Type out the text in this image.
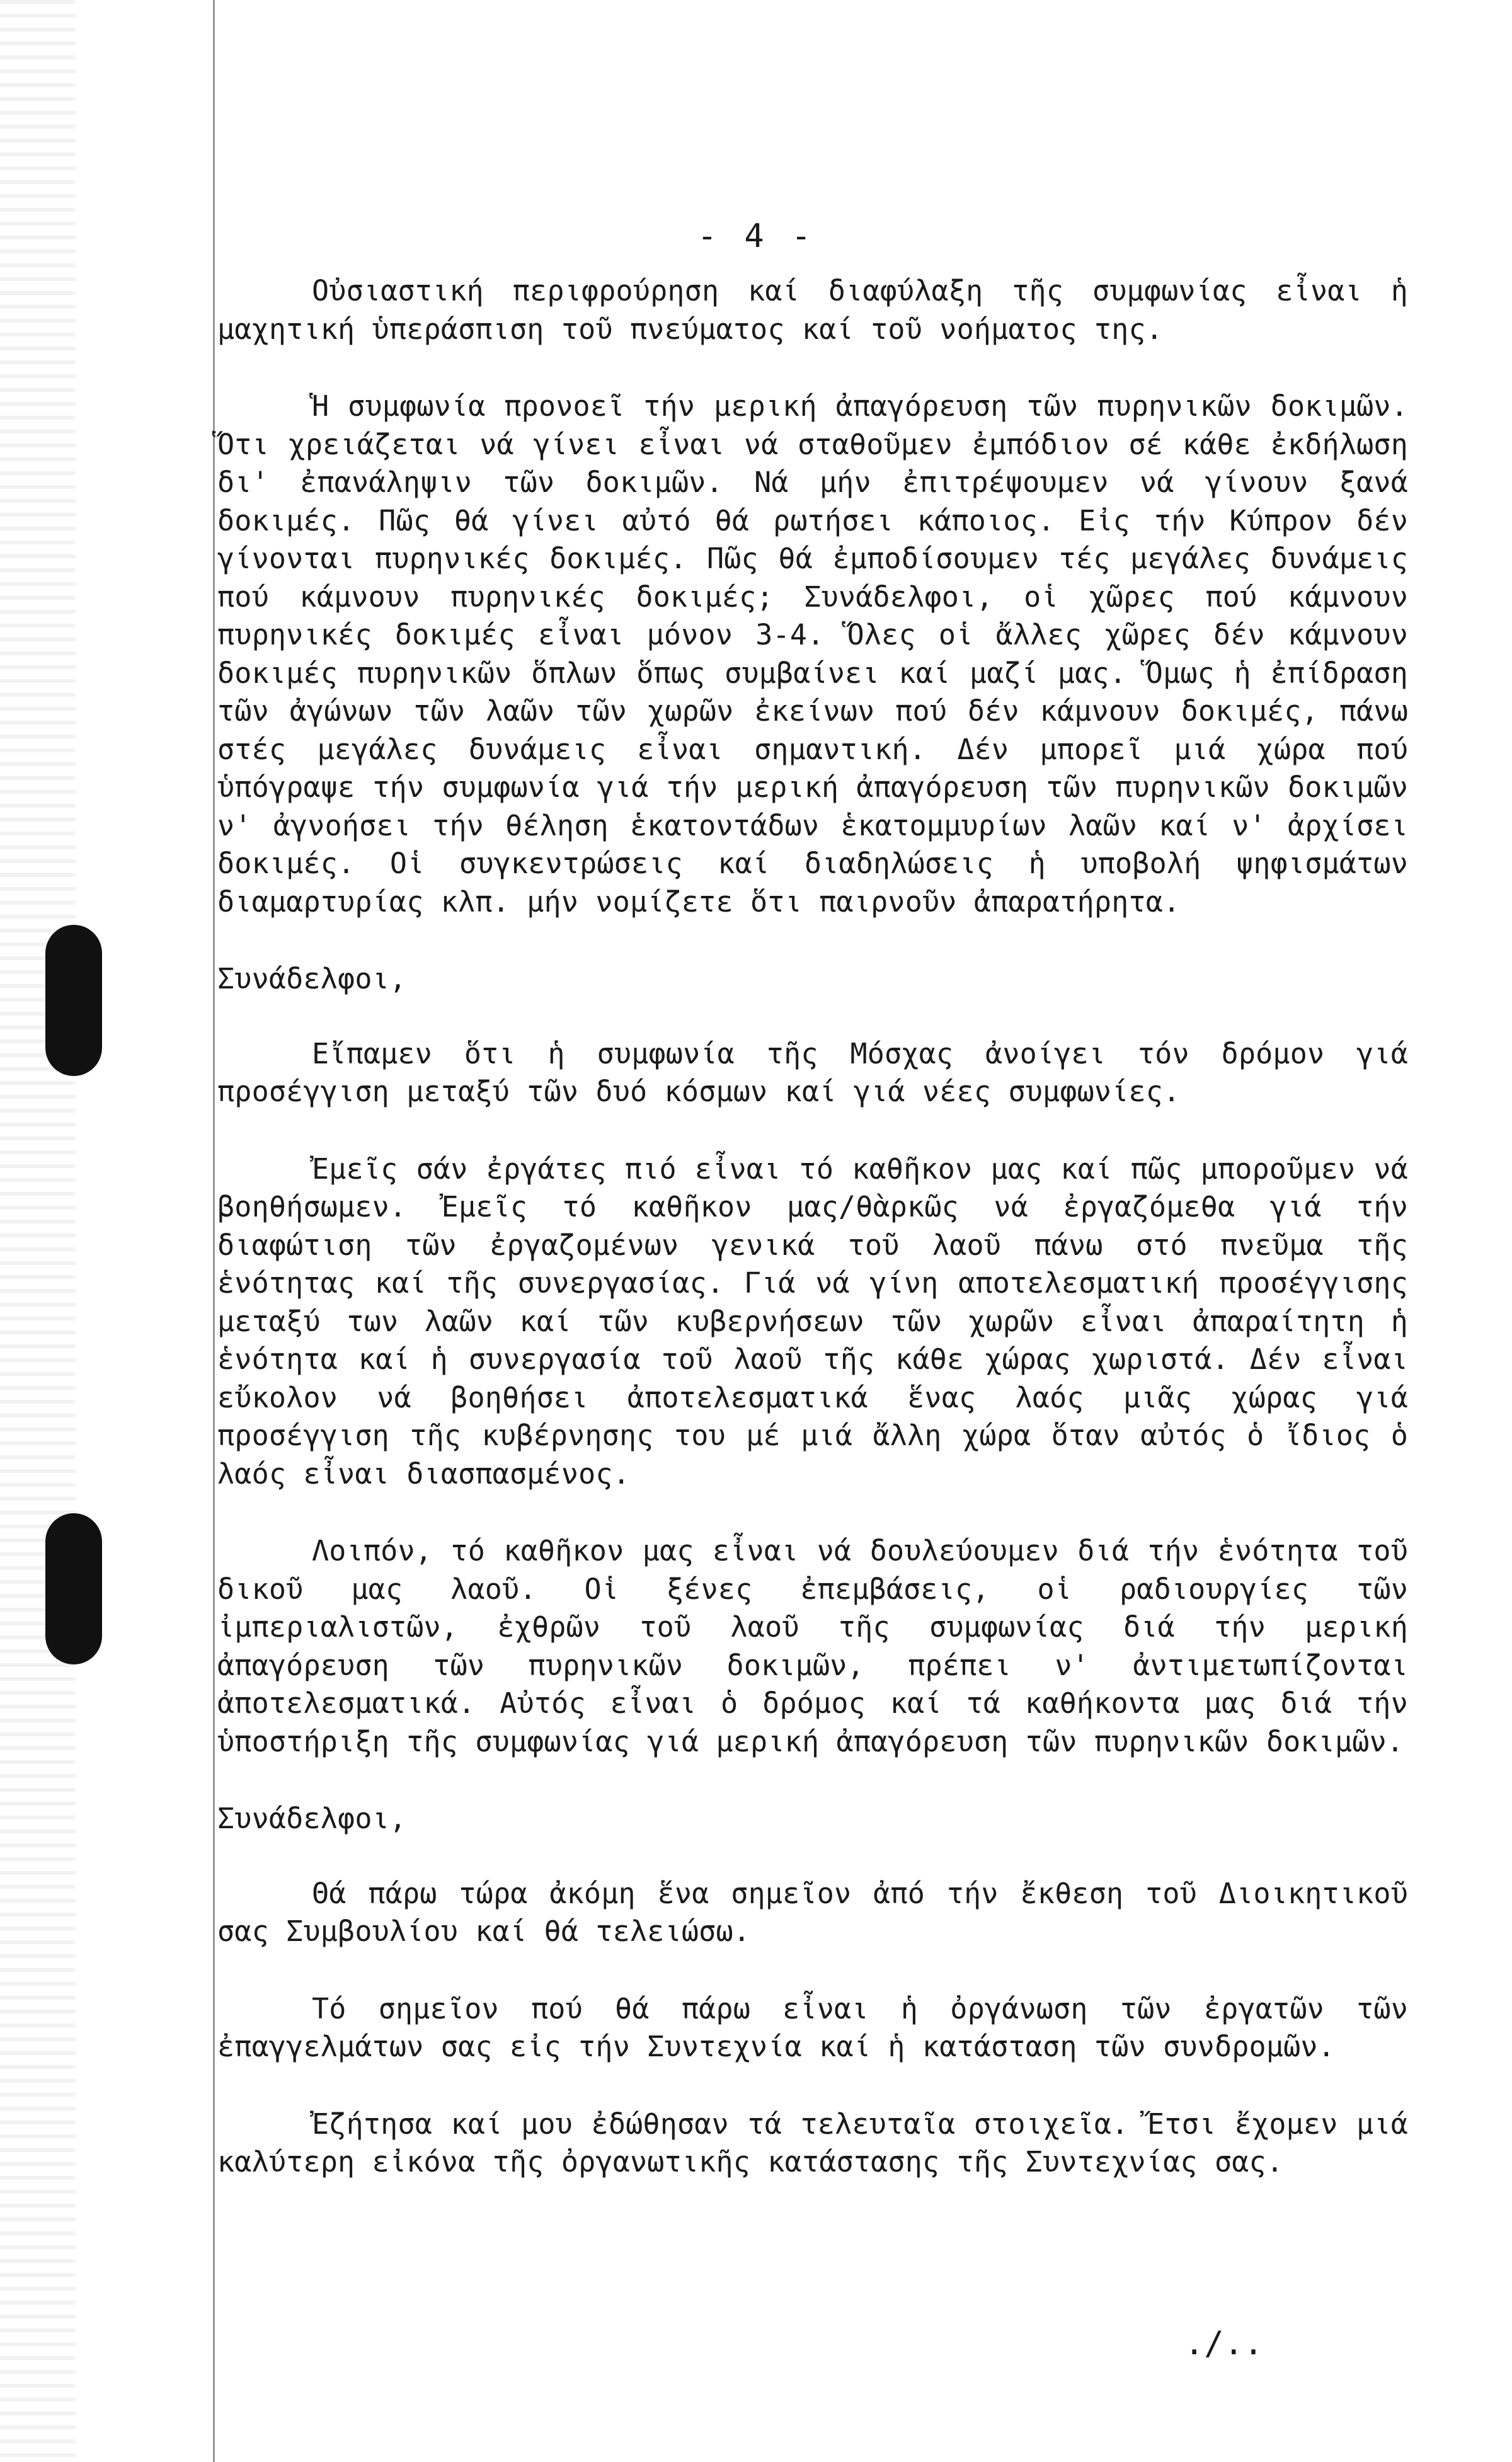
- 4 -

Οὐσιαστική περιφρούρηση καί διαφύλαξη τῆς συμφωνίας εἶναι ἡ μαχητική ὑπεράσπιση τοῦ πνεύματος καί τοῦ νοήματος της.

Ἡ συμφωνία προνοεῖ τήν μερική ἀπαγόρευση τῶν πυρηνικῶν δοκιμῶν. Ὅτι χρειάζεται νά γίνει εἶναι νά σταθοῦμεν ἐμπόδιον σέ κάθε ἐκδήλωση δι' ἐπανάληψιν τῶν δοκιμῶν. Νά μήν ἐπιτρέψουμεν νά γίνουν ξανά δοκιμές. Πῶς θά γίνει αὐτό θά ρωτήσει κάποιος. Εἰς τήν Κύπρον δέν γίνονται πυρηνικές δοκιμές. Πῶς θά ἐμποδίσουμεν τές μεγάλες δυνάμεις πού κάμνουν πυρηνικές δοκιμές; Συνάδελφοι, οἱ χῶρες πού κάμνουν πυρηνικές δοκιμές εἶναι μόνον 3-4. Ὅλες οἱ ἄλλες χῶρες δέν κάμνουν δοκιμές πυρηνικῶν ὅπλων ὅπως συμβαίνει καί μαζί μας. Ὅμως ἡ ἐπίδραση τῶν ἀγώνων τῶν λαῶν τῶν χωρῶν ἐκείνων πού δέν κάμνουν δοκιμές, πάνω στές μεγάλες δυνάμεις εἶναι σημαντική. Δέν μπορεῖ μιά χώρα πού ὑπόγραψε τήν συμφωνία γιά τήν μερική ἀπαγόρευση τῶν πυρηνικῶν δοκιμῶν ν' ἀγνοήσει τήν θέληση ἑκατοντάδων ἑκατομμυρίων λαῶν καί ν' ἀρχίσει δοκιμές. Οἱ συγκεντρώσεις καί διαδηλώσεις ἡ υποβολή ψηφισμάτων διαμαρτυρίας κλπ. μήν νομίζετε ὅτι παιρνοῦν ἀπαρατήρητα.

Συνάδελφοι,

Εἴπαμεν ὅτι ἡ συμφωνία τῆς Μόσχας ἀνοίγει τόν δρόμον γιά προσέγγιση μεταξύ τῶν δυό κόσμων καί γιά νέες συμφωνίες.

Ἐμεῖς σάν ἐργάτες πιό εἶναι τό καθῆκον μας καί πῶς μποροῦμεν νά βοηθήσωμεν. Ἐμεῖς τό καθῆκον μας/θὰρκῶς νά ἐργαζόμεθα γιά τήν διαφώτιση τῶν ἐργαζομένων γενικά τοῦ λαοῦ πάνω στό πνεῦμα τῆς ἑνότητας καί τῆς συνεργασίας. Γιά νά γίνη αποτελεσματική προσέγγισης μεταξύ των λαῶν καί τῶν κυβερνήσεων τῶν χωρῶν εἶναι ἀπαραίτητη ἡ ἑνότητα καί ἡ συνεργασία τοῦ λαοῦ τῆς κάθε χώρας χωριστά. Δέν εἶναι εὔκολον νά βοηθήσει ἀποτελεσματικά ἕνας λαός μιᾶς χώρας γιά προσέγγιση τῆς κυβέρνησης του μέ μιά ἄλλη χώρα ὅταν αὐτός ὁ ἴδιος ὁ λαός εἶναι διασπασμένος.

Λοιπόν, τό καθῆκον μας εἶναι νά δουλεύουμεν διά τήν ἑνότητα τοῦ δικοῦ μας λαοῦ. Οἱ ξένες ἐπεμβάσεις, οἱ ραδιουργίες τῶν ἰμπεριαλιστῶν, ἐχθρῶν τοῦ λαοῦ τῆς συμφωνίας διά τήν μερική ἀπαγόρευση τῶν πυρηνικῶν δοκιμῶν, πρέπει ν' ἀντιμετωπίζονται ἀποτελεσματικά. Αὐτός εἶναι ὁ δρόμος καί τά καθήκοντα μας διά τήν ὑποστήριξη τῆς συμφωνίας γιά μερική ἀπαγόρευση τῶν πυρηνικῶν δοκιμῶν.

Συνάδελφοι,

Θά πάρω τώρα ἀκόμη ἕνα σημεῖον ἀπό τήν ἔκθεση τοῦ Διοικητικοῦ σας Συμβουλίου καί θά τελειώσω.

Τό σημεῖον πού θά πάρω εἶναι ἡ ὀργάνωση τῶν ἐργατῶν τῶν ἐπαγγελμάτων σας εἰς τήν Συντεχνία καί ἡ κατάσταση τῶν συνδρομῶν.

Ἐζήτησα καί μου ἐδώθησαν τά τελευταῖα στοιχεῖα. Ἔτσι ἔχομεν μιά καλύτερη εἰκόνα τῆς ὀργανωτικῆς κατάστασης τῆς Συντεχνίας σας.

./..
